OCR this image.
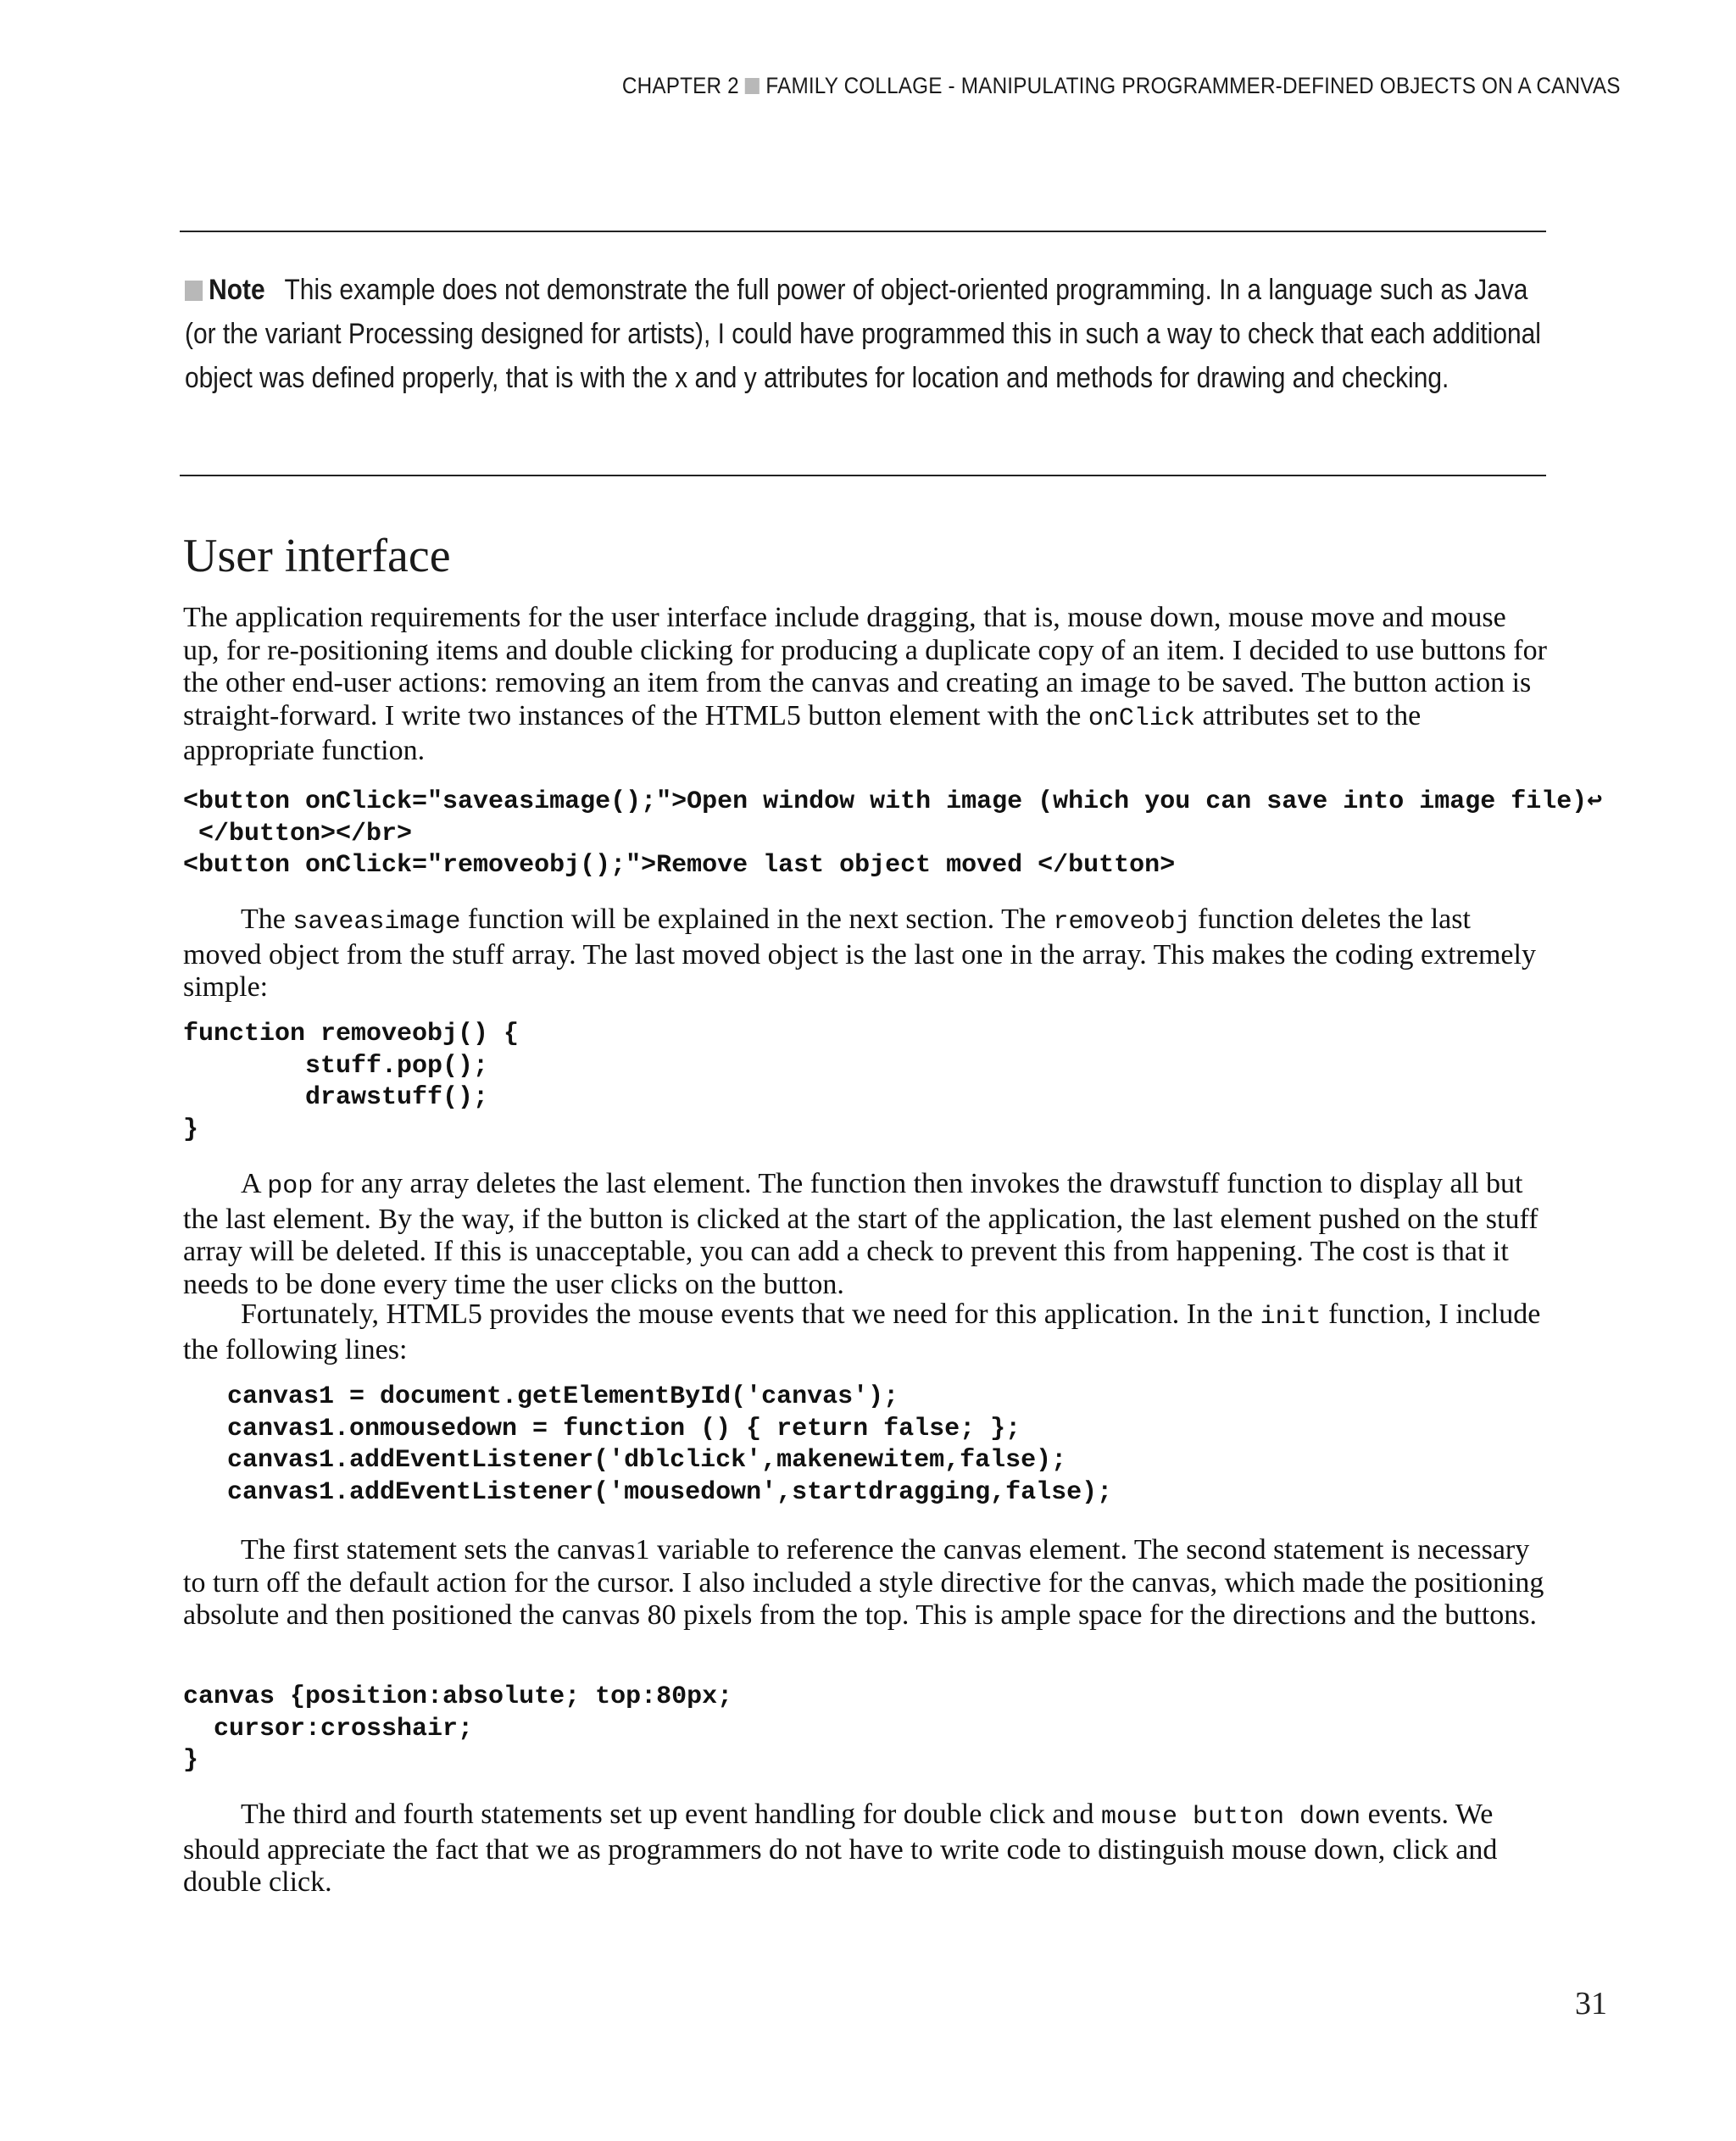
CHAPTER 2 FAMILY COLLAGE - MANIPULATING PROGRAMMER-DEFINED OBJECTS ON A CANVAS
Note This example does not demonstrate the full power of object-oriented programming. In a language such as Java (or the variant Processing designed for artists), I could have programmed this in such a way to check that each additional object was defined properly, that is with the x and y attributes for location and methods for drawing and checking.
User interface

The application requirements for the user interface include dragging, that is, mouse down, mouse move and mouse up, for re-positioning items and double clicking for producing a duplicate copy of an item. I decided to use buttons for the other end-user actions: removing an item from the canvas and creating an image to be saved. The button action is straight-forward. I write two instances of the HTML5 button element with the onClick attributes set to the appropriate function.

<button onClick="saveasimage();">Open window with image (which you can save into image file)↩
</button></br>
<button onClick="removeobj();">Remove last object moved </button>

The saveasimage function will be explained in the next section. The removeobj function deletes the last moved object from the stuff array. The last moved object is the last one in the array. This makes the coding extremely simple:

function removeobj() {
stuff.pop();
drawstuff();
}

A pop for any array deletes the last element. The function then invokes the drawstuff function to display all but the last element. By the way, if the button is clicked at the start of the application, the last element pushed on the stuff array will be deleted. If this is unacceptable, you can add a check to prevent this from happening. The cost is that it needs to be done every time the user clicks on the button.

Fortunately, HTML5 provides the mouse events that we need for this application. In the init function, I include the following lines:

canvas1 = document.getElementById('canvas');
canvas1.onmousedown = function () { return false; };
canvas1.addEventListener('dblclick',makenewitem,false);
canvas1.addEventListener('mousedown',startdragging,false);

The first statement sets the canvas1 variable to reference the canvas element. The second statement is necessary to turn off the default action for the cursor. I also included a style directive for the canvas, which made the positioning absolute and then positioned the canvas 80 pixels from the top. This is ample space for the directions and the buttons.

canvas {position:absolute; top:80px;
cursor:crosshair;
}

The third and fourth statements set up event handling for double click and mouse button down events. We should appreciate the fact that we as programmers do not have to write code to distinguish mouse down, click and double click.

31
